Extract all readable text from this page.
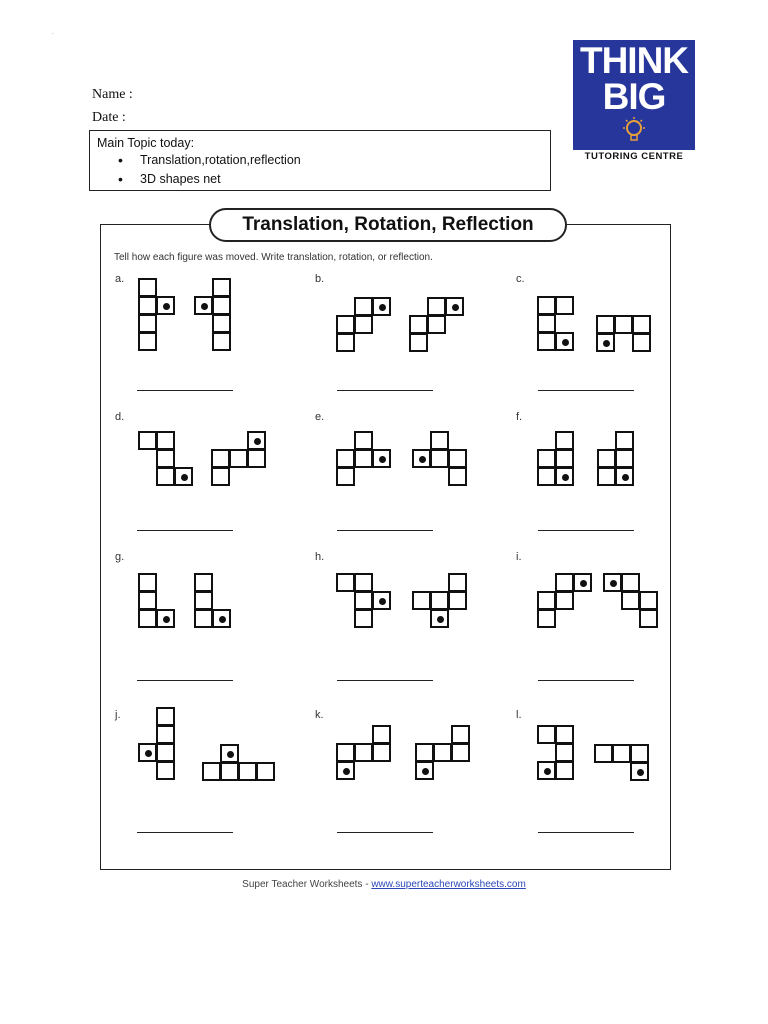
.
Name :
Date :
Main Topic today:
• Translation,rotation,reflection
• 3D shapes net
THINK
BIG
TUTORING CENTRE
a.	b.	c.
d.	e.	f.
g.	h.	i.
j.	k.	l.
Translation, Rotation, Reflection
Tell how each figure was moved. Write translation, rotation, or reflection.
Super Teacher Worksheets - www.superteacherworksheets.com
